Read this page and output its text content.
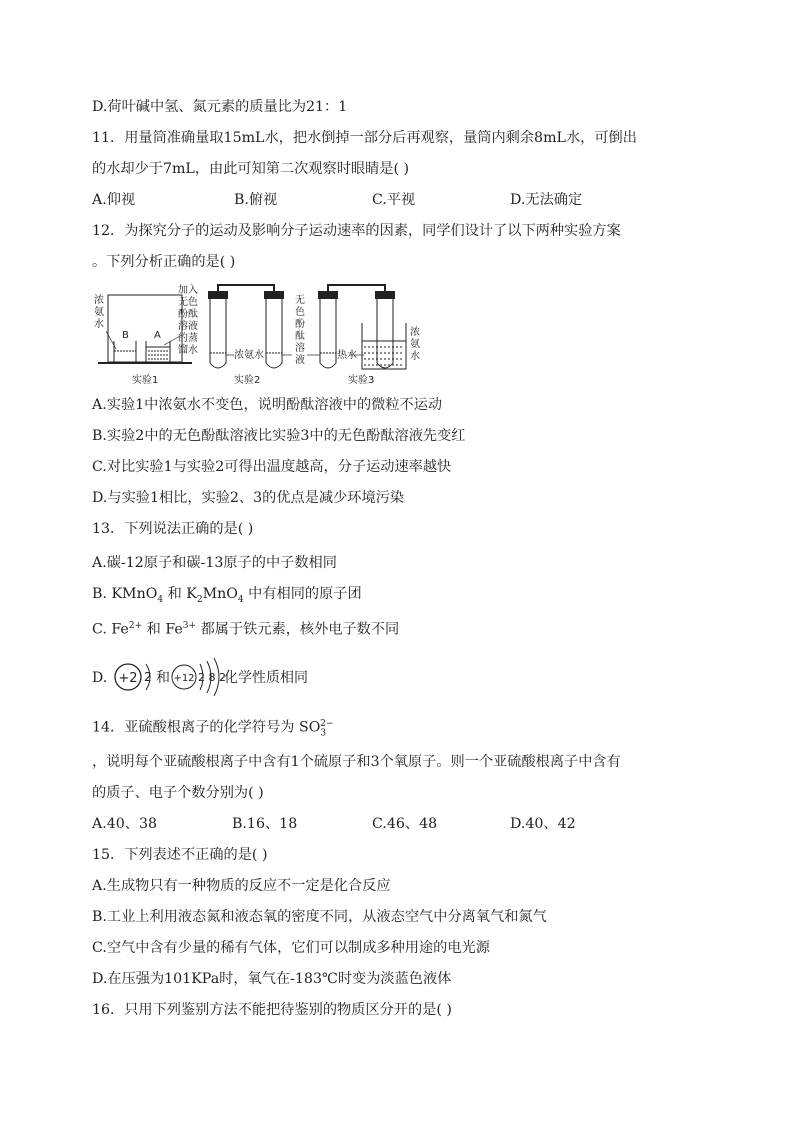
D.荷叶碱中氢、氮元素的质量比为21：1
11．用量筒准确量取15mL水，把水倒掉一部分后再观察，量筒内剩余8mL水，可倒出
的水却少于7mL，由此可知第二次观察时眼睛是( )
A.仰视	B.俯视	C.平视	D.无法确定
12．为探究分子的运动及影响分子运动速率的因素，同学们设计了以下两种实验方案
。下列分析正确的是( )
B	A
浓氨水
加入无色酚酞溶液的蒸馏水
实验1
浓氨水
实验2
无色酚酞溶液	热水
浓氨水
实验3
A.实验1中浓氨水不变色，说明酚酞溶液中的微粒不运动
B.实验2中的无色酚酞溶液比实验3中的无色酚酞溶液先变红
C.对比实验1与实验2可得出温度越高，分子运动速率越快
D.与实验1相比，实验2、3的优点是减少环境污染
13．下列说法正确的是( )
A.碳-12原子和碳-13原子的中子数相同
B. KMnO$_4$ 和 $K_2MnO_4$ 中有相同的原子团
C. $Fe^{2+}$ 和 $Fe^{3+}$ 都属于铁元素，核外电子数不同
D. +2 2 和 +12 2 8 2
化学性质相同
14．亚硫酸根离子的化学符号为 $SO_3^{2-}$
，说明每个亚硫酸根离子中含有1个硫原子和3个氧原子。则一个亚硫酸根离子中含有
的质子、电子个数分别为( )
A.40、38	B.16、18	C.46、48	D.40、42
15．下列表述不正确的是( )
A.生成物只有一种物质的反应不一定是化合反应
B.工业上利用液态氮和液态氧的密度不同，从液态空气中分离氧气和氮气
C.空气中含有少量的稀有气体，它们可以制成多种用途的电光源
D.在压强为101KPa时，氧气在-183℃时变为淡蓝色液体
16．只用下列鉴别方法不能把待鉴别的物质区分开的是( )
